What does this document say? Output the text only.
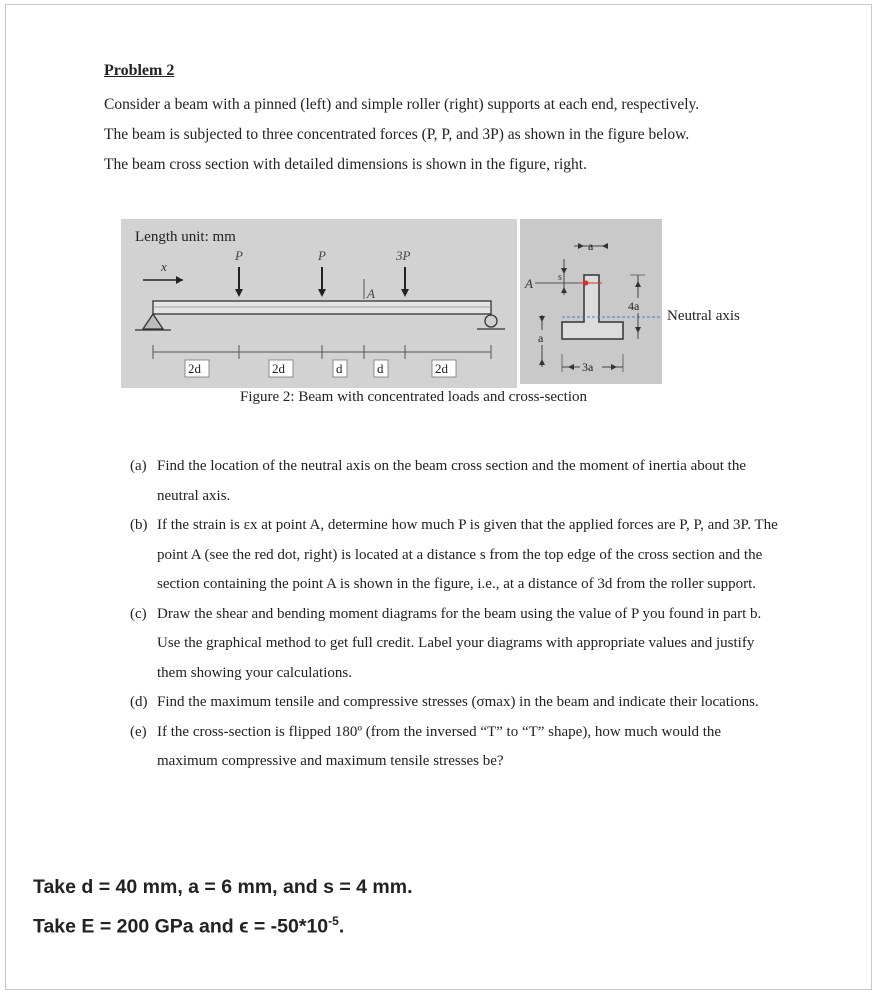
Problem 2
Consider a beam with a pinned (left) and simple roller (right) supports at each end, respectively.
The beam is subjected to three concentrated forces (P, P, and 3P) as shown in the figure below.
The beam cross section with detailed dimensions is shown in the figure, right.
Length unit: mm
x
P	P	3P
A
2d	2d	d	d	2d
a
A	s
4a
a
3a
Neutral axis
Figure 2: Beam with concentrated loads and cross-section
(a) Find the location of the neutral axis on the beam cross section and the moment of inertia about the neutral axis.
(b) If the strain is εx at point A, determine how much P is given that the applied forces are P, P, and 3P. The point A (see the red dot, right) is located at a distance s from the top edge of the cross section and the section containing the point A is shown in the figure, i.e., at a distance of 3d from the roller support.
(c) Draw the shear and bending moment diagrams for the beam using the value of P you found in part b. Use the graphical method to get full credit. Label your diagrams with appropriate values and justify them showing your calculations.
(d) Find the maximum tensile and compressive stresses (σmax) in the beam and indicate their locations.
(e) If the cross-section is flipped 180º (from the inversed “T” to “T” shape), how much would the maximum compressive and maximum tensile stresses be?
Take d = 40 mm, a = 6 mm, and s = 4 mm.
Take E = 200 GPa and $\epsilon = -50*10^{-5}$.
